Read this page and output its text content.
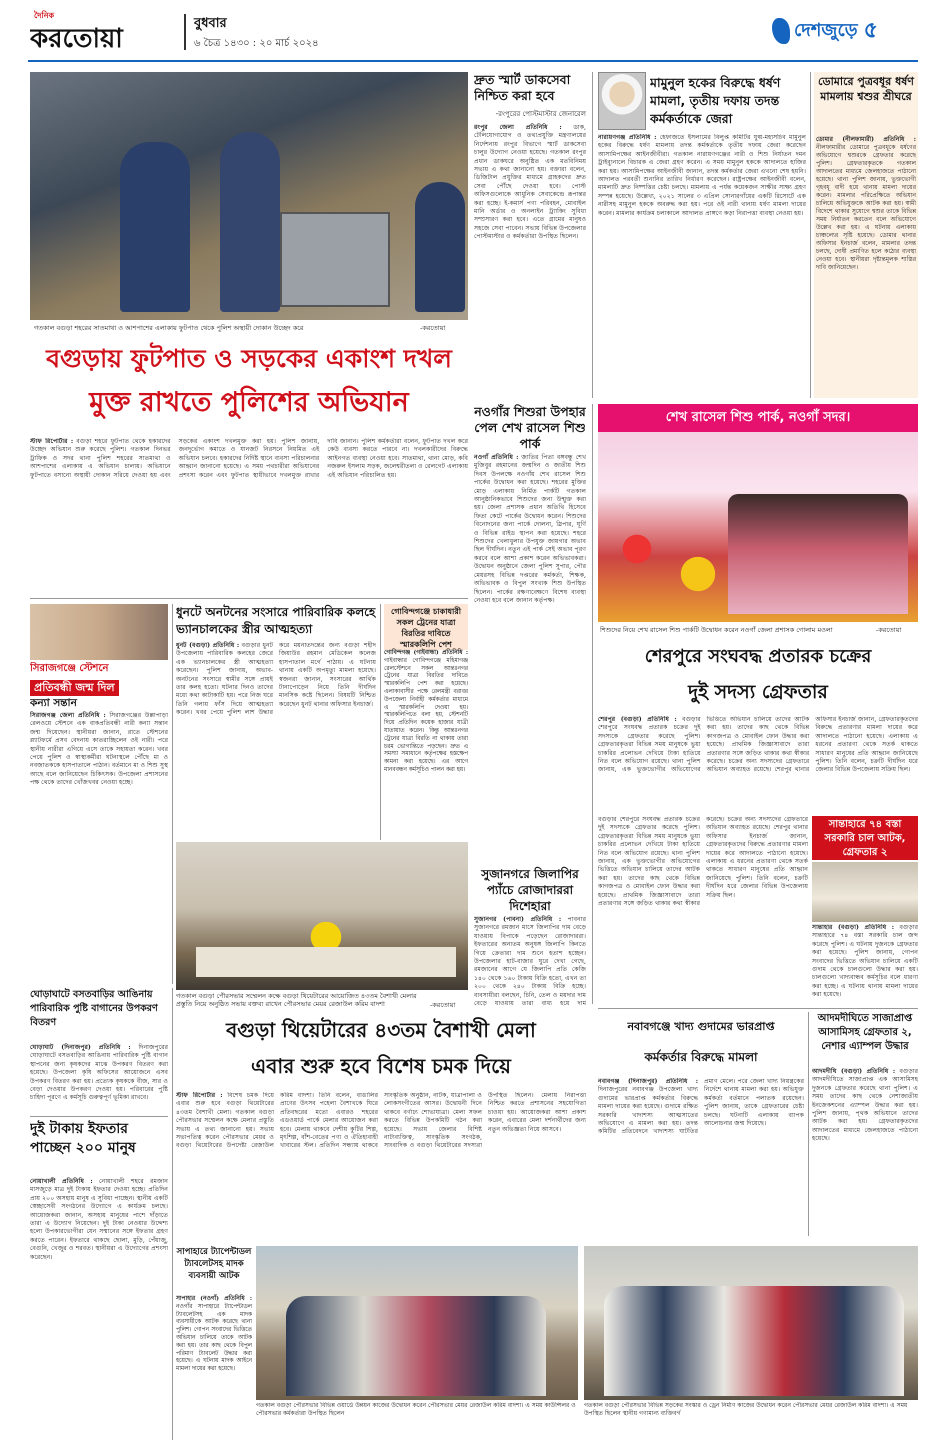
দৈনিক
করতোয়া
বুধবার
৬ চৈত্র ১৪৩০ : ২০ মার্চ ২০২৪
দেশজুড়ে ৫
গতকাল বগুড়া শহরের সাতমাথা ও আশপাশের এলাকায় ফুটপাত থেকে পুলিশ অস্থায়ী দোকান উচ্ছেদ করে	-করতোয়া
বগুড়ায় ফুটপাত ও সড়কের একাংশ দখল
মুক্ত রাখতে পুলিশের অভিযান
স্টাফ রিপোর্টার : বগুড়া শহরে ফুটপাত থেকে হকারদের উচ্ছেদ অভিযান শুরু করেছে পুলিশ। গতকাল দিনভর ট্রাফিক ও সদর থানা পুলিশ শহরের সাতমাথা ও আশপাশের এলাকায় এ অভিযান চালায়। অভিযানে ফুটপাতে বসানো অস্থায়ী দোকান সরিয়ে দেওয়া হয় এবং সড়কের একাংশ দখলমুক্ত করা হয়। পুলিশ জানায়, জনদুর্ভোগ কমাতে ও যানজট নিরসনে নিয়মিত এই অভিযান চলবে। হকারদের নির্দিষ্ট স্থানে ব্যবসা পরিচালনার আহ্বান জানানো হয়েছে। এ সময় পথচারীরা অভিযানের প্রশংসা করেন এবং ফুটপাত স্থায়ীভাবে দখলমুক্ত রাখার দাবি জানান। পুলিশ কর্মকর্তারা বলেন, ফুটপাত দখল করে কেউ ব্যবসা করতে পারবে না। দখলকারীদের বিরুদ্ধে আইনগত ব্যবস্থা নেওয়া হবে। সাতমাথা, থানা মোড়, কবি নজরুল ইসলাম সড়ক, জলেশ্বরীতলা ও রেলগেট এলাকায় এই অভিযান পরিচালিত হয়।
দ্রুত স্মার্ট ডাকসেবা নিশ্চিত করা হবে
-রংপুরের পোস্টমাস্টার জেনারেল
রংপুর জেলা প্রতিনিধি : ডাক, টেলিযোগাযোগ ও তথ্যপ্রযুক্তি মন্ত্রণালয়ের নির্দেশনায় রংপুর বিভাগে স্মার্ট ডাকসেবা চালুর উদ্যোগ নেওয়া হয়েছে। গতকাল রংপুর প্রধান ডাকঘরে অনুষ্ঠিত এক মতবিনিময় সভায় এ কথা জানানো হয়। বক্তারা বলেন, ডিজিটাল প্রযুক্তির মাধ্যমে গ্রাহকদের দ্রুত সেবা পৌঁছে দেওয়া হবে। পোস্ট অফিসগুলোকে আধুনিক সেবাকেন্দ্রে রূপান্তর করা হচ্ছে। ই-কমার্স পণ্য পরিবহন, মোবাইল মানি অর্ডার ও অনলাইন ট্র্যাকিং সুবিধা সম্প্রসারণ করা হবে। এতে গ্রামের মানুষও সহজে সেবা পাবেন। সভায় বিভিন্ন উপজেলার পোস্টমাস্টার ও কর্মকর্তারা উপস্থিত ছিলেন।
মামুনুল হকের বিরুদ্ধে ধর্ষণ মামলা, তৃতীয় দফায় তদন্ত কর্মকর্তাকে জেরা
নারায়ণগঞ্জ প্রতিনিধি : হেফাজতে ইসলামের বিলুপ্ত কমিটির যুগ্ম-মহাসচিব মামুনুল হকের বিরুদ্ধে ধর্ষণ মামলায় তদন্ত কর্মকর্তাকে তৃতীয় দফায় জেরা করেছেন আসামিপক্ষের আইনজীবীরা। গতকাল নারায়ণগঞ্জের নারী ও শিশু নির্যাতন দমন ট্রাইব্যুনালে বিচারক এ জেরা গ্রহণ করেন। এ সময় মামুনুল হককে আদালতে হাজির করা হয়। আসামিপক্ষের আইনজীবী জানান, তদন্ত কর্মকর্তার জেরা এখনো শেষ হয়নি। আদালত পরবর্তী শুনানির তারিখ নির্ধারণ করেছেন। রাষ্ট্রপক্ষের আইনজীবী বলেন, মামলাটি দ্রুত নিষ্পত্তির চেষ্টা চলছে। মামলায় এ পর্যন্ত কয়েকজন সাক্ষীর সাক্ষ্য গ্রহণ সম্পন্ন হয়েছে। উল্লেখ্য, ২০২১ সালের ৩ এপ্রিল সোনারগাঁয়ের একটি রিসোর্টে এক নারীসহ মামুনুল হককে অবরুদ্ধ করা হয়। পরে ওই নারী থানায় ধর্ষণ মামলা দায়ের করেন। মামলার কার্যক্রম চলাকালে আদালত প্রাঙ্গণে কড়া নিরাপত্তা ব্যবস্থা নেওয়া হয়।
ডোমারে পুত্রবধূর ধর্ষণ মামলায় শ্বশুর শ্রীঘরে
ডোমার (নীলফামারী) প্রতিনিধি : নীলফামারীর ডোমারে পুত্রবধূকে ধর্ষণের অভিযোগে শ্বশুরকে গ্রেফতার করেছে পুলিশ। গ্রেফতারকৃতকে গতকাল আদালতের মাধ্যমে জেলহাজতে পাঠানো হয়েছে। থানা পুলিশ জানায়, ভুক্তভোগী গৃহবধূ বাদী হয়ে থানায় মামলা দায়ের করেন। মামলার পরিপ্রেক্ষিতে অভিযান চালিয়ে অভিযুক্তকে আটক করা হয়। স্বামী বিদেশে থাকার সুযোগে শ্বশুর তাকে বিভিন্ন সময় নির্যাতন করতেন বলে অভিযোগে উল্লেখ করা হয়। এ ঘটনায় এলাকায় চাঞ্চল্যের সৃষ্টি হয়েছে। ডোমার থানার অফিসার ইনচার্জ বলেন, মামলার তদন্ত চলছে, দোষী প্রমাণিত হলে কঠোর ব্যবস্থা নেওয়া হবে। স্থানীয়রা দৃষ্টান্তমূলক শাস্তির দাবি জানিয়েছেন।
নওগাঁর শিশুরা উপহার পেল শেখ রাসেল শিশু পার্ক
নওগাঁ প্রতিনিধি : জাতির পিতা বঙ্গবন্ধু শেখ মুজিবুর রহমানের জন্মদিন ও জাতীয় শিশু দিবস উপলক্ষে নওগাঁয় শেখ রাসেল শিশু পার্কের উদ্বোধন করা হয়েছে। শহরের মুক্তির মোড় এলাকায় নির্মিত পার্কটি গতকাল আনুষ্ঠানিকভাবে শিশুদের জন্য উন্মুক্ত করা হয়। জেলা প্রশাসক প্রধান অতিথি হিসেবে ফিতা কেটে পার্কের উদ্বোধন করেন। শিশুদের বিনোদনের জন্য পার্কে দোলনা, স্লিপার, ঘূর্ণি ও বিভিন্ন রাইড স্থাপন করা হয়েছে। শহরে শিশুদের খেলাধুলার উপযুক্ত জায়গার অভাব ছিল দীর্ঘদিন। নতুন এই পার্ক সেই অভাব পূরণ করবে বলে আশা প্রকাশ করেন অভিভাবকরা। উদ্বোধন অনুষ্ঠানে জেলা পুলিশ সুপার, পৌর মেয়রসহ বিভিন্ন দপ্তরের কর্মকর্তা, শিক্ষক, অভিভাবক ও বিপুল সংখ্যক শিশু উপস্থিত ছিলেন। পার্কের রক্ষণাবেক্ষণে বিশেষ ব্যবস্থা নেওয়া হবে বলে জানান কর্তৃপক্ষ।
শেখ রাসেল শিশু পার্ক, নওগাঁ সদর।
শিশুদের নিয়ে শেখ রাসেল শিশু পার্কটি উদ্বোধন করেন নওগাঁ জেলা প্রশাসক গোলাম মওলা	-করতোয়া
সিরাজগঞ্জে স্টেশনে
প্রতিবন্ধী জন্ম দিল
কন্যা সন্তান
সিরাজগঞ্জ জেলা প্রতিনিধি : সিরাজগঞ্জের উল্লাপাড়া রেলওয়ে স্টেশনে এক বাকপ্রতিবন্ধী নারী কন্যা সন্তান জন্ম দিয়েছেন। স্থানীয়রা জানান, রাতে স্টেশনের প্ল্যাটফর্মে প্রসব বেদনায় কাতরাচ্ছিলেন ওই নারী। পরে স্থানীয় নারীরা এগিয়ে এসে তাকে সহায়তা করেন। খবর পেয়ে পুলিশ ও স্বাস্থ্যকর্মীরা ঘটনাস্থলে পৌঁছে মা ও নবজাতককে হাসপাতালে পাঠান। বর্তমানে মা ও শিশু সুস্থ আছে বলে জানিয়েছেন চিকিৎসক। উপজেলা প্রশাসনের পক্ষ থেকে তাদের খোঁজখবর নেওয়া হচ্ছে।
ধুনটে অনটনের সংসারে পারিবারিক কলহে ভ্যানচালকের স্ত্রীর আত্মহত্যা
ধুনট (বগুড়া) প্রতিনিধি : বগুড়ার ধুনট উপজেলায় পারিবারিক কলহের জেরে এক ভ্যানচালকের স্ত্রী আত্মহত্যা করেছেন। পুলিশ জানায়, অভাব-অনটনের সংসারে স্বামীর সঙ্গে প্রায়ই তার কলহ হতো। ঘটনার দিনও তাদের মধ্যে কথা কাটাকাটি হয়। পরে নিজ ঘরে তিনি গলায় ফাঁস দিয়ে আত্মহত্যা করেন। খবর পেয়ে পুলিশ লাশ উদ্ধার করে ময়নাতদন্তের জন্য বগুড়া শহীদ জিয়াউর রহমান মেডিকেল কলেজ হাসপাতাল মর্গে পাঠায়। এ ঘটনায় থানায় একটি অপমৃত্যু মামলা হয়েছে। স্বজনরা জানান, সংসারের আর্থিক টানাপোড়েন নিয়ে তিনি দীর্ঘদিন মানসিক কষ্টে ছিলেন। বিষয়টি নিশ্চিত করেছেন ধুনট থানার অফিসার ইনচার্জ।
গোবিন্দগঞ্জে চাকাধারী সকল ট্রেনের যাত্রা বিরতির দাবিতে স্মারকলিপি পেশ
গোবিন্দগঞ্জ (গাইবান্ধা) প্রতিনিধি : গাইবান্ধার গোবিন্দগঞ্জে মহিমাগঞ্জ রেলস্টেশনে সকল আন্তঃনগর ট্রেনের যাত্রা বিরতির দাবিতে স্মারকলিপি পেশ করা হয়েছে। এলাকাবাসীর পক্ষে রেলমন্ত্রী বরাবর উপজেলা নির্বাহী কর্মকর্তার মাধ্যমে এ স্মারকলিপি দেওয়া হয়। স্মারকলিপিতে বলা হয়, স্টেশনটি দিয়ে প্রতিদিন কয়েক হাজার যাত্রী যাতায়াত করেন। কিন্তু আন্তঃনগর ট্রেনের যাত্রা বিরতি না থাকায় তারা চরম ভোগান্তিতে পড়ছেন। দ্রুত এ সমস্যা সমাধানে কর্তৃপক্ষের হস্তক্ষেপ কামনা করা হয়েছে। এর আগে মানববন্ধন কর্মসূচিও পালন করা হয়।
গতকাল বগুড়া পৌরসভার সম্মেলন কক্ষে বগুড়া থিয়েটারের আয়োজিত ৪৩তম বৈশাখী মেলার প্রস্তুতি নিয়ে অনুষ্ঠিত সভায় বক্তব্য রাখেন পৌরসভার মেয়র রেজাউল করিম বাদশা	-করতোয়া
বগুড়া থিয়েটারের ৪৩তম বৈশাখী মেলা
এবার শুরু হবে বিশেষ চমক দিয়ে
স্টাফ রিপোর্টার : বিশেষ চমক দিয়ে এবার শুরু হবে বগুড়া থিয়েটারের ৪৩তম বৈশাখী মেলা। গতকাল বগুড়া পৌরসভার সম্মেলন কক্ষে মেলার প্রস্তুতি সভায় এ তথ্য জানানো হয়। সভায় সভাপতিত্ব করেন পৌরসভার মেয়র ও বগুড়া থিয়েটারের উপদেষ্টা রেজাউল করিম বাদশা। তিনি বলেন, বাঙালির প্রাণের উৎসব পহেলা বৈশাখকে ঘিরে প্রতিবছরের মতো এবারও শহরের এডওয়ার্ড পার্কে মেলার আয়োজন করা হবে। মেলায় থাকবে দেশীয় কুটির শিল্প, মৃৎশিল্প, বাঁশ-বেতের পণ্য ও ঐতিহ্যবাহী খাবারের স্টল। প্রতিদিন সন্ধ্যায় থাকবে সাংস্কৃতিক অনুষ্ঠান, নাটক, যাত্রাপালা ও লোকসংগীতের আসর। উদ্বোধনী দিনে থাকবে বর্ণাঢ্য শোভাযাত্রা। মেলা সফল করতে বিভিন্ন উপকমিটি গঠন করা হয়েছে। সভায় জেলার বিশিষ্ট নাট্যব্যক্তিত্ব, সাংস্কৃতিক সংগঠক, সাংবাদিক ও বগুড়া থিয়েটারের সদস্যরা উপস্থিত ছিলেন। মেলায় নিরাপত্তা নিশ্চিত করতে প্রশাসনের সহযোগিতা চাওয়া হয়। আয়োজকরা আশা প্রকাশ করেন, এবারের মেলা দর্শনার্থীদের জন্য নতুন অভিজ্ঞতা নিয়ে আসবে।
সুজানগরে জিলাপির প্যাঁচে রোজাদাররা দিশেহারা
সুজানগর (পাবনা) প্রতিনিধি : পাবনার সুজানগরে রমজান মাসে জিলাপির দাম বেড়ে যাওয়ায় বিপাকে পড়েছেন রোজাদাররা। ইফতারের অন্যতম অনুষঙ্গ জিলাপি কিনতে গিয়ে ক্রেতারা দাম শুনে হতাশ হচ্ছেন। উপজেলার হাট-বাজার ঘুরে দেখা গেছে, রমজানের আগে যে জিলাপি প্রতি কেজি ১৪০ থেকে ১৬০ টাকায় বিক্রি হতো, এখন তা ২০০ থেকে ২৪০ টাকায় বিক্রি হচ্ছে। ব্যবসায়ীরা বলছেন, চিনি, তেল ও ময়দার দাম বেড়ে যাওয়ায় তারা বাধ্য হয়ে দাম
শেরপুরে সংঘবদ্ধ প্রতারক চক্রের
দুই সদস্য গ্রেফতার
শেরপুর (বগুড়া) প্রতিনিধি : বগুড়ার শেরপুরে সংঘবদ্ধ প্রতারক চক্রের দুই সদস্যকে গ্রেফতার করেছে পুলিশ। গ্রেফতারকৃতরা বিভিন্ন সময় মানুষকে ভুয়া চাকরির প্রলোভন দেখিয়ে টাকা হাতিয়ে নিত বলে অভিযোগ রয়েছে। থানা পুলিশ জানায়, এক ভুক্তভোগীর অভিযোগের ভিত্তিতে অভিযান চালিয়ে তাদের আটক করা হয়। তাদের কাছ থেকে বিভিন্ন কাগজপত্র ও মোবাইল ফোন উদ্ধার করা হয়েছে। প্রাথমিক জিজ্ঞাসাবাদে তারা প্রতারণার সঙ্গে জড়িত থাকার কথা স্বীকার করেছে। চক্রের অন্য সদস্যদের গ্রেফতারে অভিযান অব্যাহত রয়েছে। শেরপুর থানার অফিসার ইনচার্জ জানান, গ্রেফতারকৃতদের বিরুদ্ধে প্রতারণার মামলা দায়ের করে আদালতে পাঠানো হয়েছে। এলাকায় এ ধরনের প্রতারণা থেকে সতর্ক থাকতে সাধারণ মানুষের প্রতি আহ্বান জানিয়েছে পুলিশ। তিনি বলেন, চক্রটি দীর্ঘদিন ধরে জেলার বিভিন্ন উপজেলায় সক্রিয় ছিল।
সান্তাহারে ৭৪ বস্তা সরকারি চাল আটক, গ্রেফতার ২
সান্তাহার (বগুড়া) প্রতিনিধি : বগুড়ার সান্তাহারে ৭৪ বস্তা সরকারি চাল জব্দ করেছে পুলিশ। এ ঘটনায় দুজনকে গ্রেফতার করা হয়েছে। পুলিশ জানায়, গোপন সংবাদের ভিত্তিতে অভিযান চালিয়ে একটি গুদাম থেকে চালগুলো উদ্ধার করা হয়। চালগুলো খাদ্যবান্ধব কর্মসূচির বলে ধারণা করা হচ্ছে। এ ঘটনায় থানায় মামলা দায়ের করা হয়েছে।
বগুড়ার শেরপুরে সংঘবদ্ধ প্রতারক চক্রের দুই সদস্যকে গ্রেফতার করেছে পুলিশ। গ্রেফতারকৃতরা বিভিন্ন সময় মানুষকে ভুয়া চাকরির প্রলোভন দেখিয়ে টাকা হাতিয়ে নিত বলে অভিযোগ রয়েছে। থানা পুলিশ জানায়, এক ভুক্তভোগীর অভিযোগের ভিত্তিতে অভিযান চালিয়ে তাদের আটক করা হয়। তাদের কাছ থেকে বিভিন্ন কাগজপত্র ও মোবাইল ফোন উদ্ধার করা হয়েছে। প্রাথমিক জিজ্ঞাসাবাদে তারা প্রতারণার সঙ্গে জড়িত থাকার কথা স্বীকার করেছে। চক্রের অন্য সদস্যদের গ্রেফতারে অভিযান অব্যাহত রয়েছে। শেরপুর থানার অফিসার ইনচার্জ জানান, গ্রেফতারকৃতদের বিরুদ্ধে প্রতারণার মামলা দায়ের করে আদালতে পাঠানো হয়েছে। এলাকায় এ ধরনের প্রতারণা থেকে সতর্ক থাকতে সাধারণ মানুষের প্রতি আহ্বান জানিয়েছে পুলিশ। তিনি বলেন, চক্রটি দীর্ঘদিন ধরে জেলার বিভিন্ন উপজেলায় সক্রিয় ছিল।
নবাবগঞ্জে খাদ্য গুদামের ভারপ্রাপ্ত
কর্মকর্তার বিরুদ্ধে মামলা
নবাবগঞ্জ (দিনাজপুর) প্রতিনিধি : দিনাজপুরের নবাবগঞ্জ উপজেলা খাদ্য গুদামের ভারপ্রাপ্ত কর্মকর্তার বিরুদ্ধে মামলা দায়ের করা হয়েছে। গুদামে রক্ষিত সরকারি খাদ্যশস্য আত্মসাতের অভিযোগে এ মামলা করা হয়। তদন্ত কমিটির প্রতিবেদনে খাদ্যশস্য ঘাটতির প্রমাণ মেলে। পরে জেলা খাদ্য নিয়ন্ত্রকের নির্দেশে থানায় মামলা করা হয়। অভিযুক্ত কর্মকর্তা বর্তমানে পলাতক রয়েছেন। পুলিশ জানায়, তাকে গ্রেফতারের চেষ্টা চলছে। ঘটনাটি এলাকায় ব্যাপক আলোচনার জন্ম দিয়েছে।
আদমদীঘিতে সাজাপ্রাপ্ত আসামিসহ গ্রেফতার ২, নেশার এ্যাম্পল উদ্ধার
আদমদীঘি (বগুড়া) প্রতিনিধি : বগুড়ার আদমদীঘিতে সাজাপ্রাপ্ত এক আসামিসহ দুজনকে গ্রেফতার করেছে থানা পুলিশ। এ সময় তাদের কাছ থেকে নেশাজাতীয় ইনজেকশনের এ্যাম্পল উদ্ধার করা হয়। পুলিশ জানায়, পৃথক অভিযানে তাদের আটক করা হয়। গ্রেফতারকৃতদের আদালতের মাধ্যমে জেলহাজতে পাঠানো হয়েছে।
ঘোড়াঘাটে বসতবাড়ির আঙিনায় পারিবারিক পুষ্টি বাগানের উপকরণ বিতরণ
ঘোড়াঘাট (দিনাজপুর) প্রতিনিধি : দিনাজপুরের ঘোড়াঘাটে বসতবাড়ির আঙিনায় পারিবারিক পুষ্টি বাগান স্থাপনের জন্য কৃষকদের মাঝে উপকরণ বিতরণ করা হয়েছে। উপজেলা কৃষি অফিসের আয়োজনে এসব উপকরণ বিতরণ করা হয়। প্রত্যেক কৃষককে বীজ, সার ও বেড়া দেওয়ার উপকরণ দেওয়া হয়। পরিবারের পুষ্টি চাহিদা পূরণে এ কর্মসূচি গুরুত্বপূর্ণ ভূমিকা রাখবে।
দুই টাকায় ইফতার পাচ্ছেন ২০০ মানুষ
নোয়াখালী প্রতিনিধি : নোয়াখালী শহরে রমজান মাসজুড়ে মাত্র দুই টাকায় ইফতার দেওয়া হচ্ছে। প্রতিদিন প্রায় ২০০ অসহায় মানুষ এ সুবিধা পাচ্ছেন। স্থানীয় একটি স্বেচ্ছাসেবী সংগঠনের উদ্যোগে এ কার্যক্রম চলছে। আয়োজকরা জানান, অসহায় মানুষের পাশে দাঁড়াতে তারা এ উদ্যোগ নিয়েছেন। দুই টাকা নেওয়ার উদ্দেশ্য হলো উপকারভোগীরা যেন সম্মানের সঙ্গে ইফতার গ্রহণ করতে পারেন। ইফতারে থাকছে ছোলা, মুড়ি, পেঁয়াজু, বেগুনি, খেজুর ও শরবত। স্থানীয়রা এ উদ্যোগের প্রশংসা করেছেন।
সাপাহারে ট্যাপেন্টাডল ট্যাবলেটসহ মাদক ব্যবসায়ী আটক
সাপাহার (নওগাঁ) প্রতিনিধি : নওগাঁর সাপাহারে ট্যাপেন্টাডল ট্যাবলেটসহ এক মাদক ব্যবসায়ীকে আটক করেছে থানা পুলিশ। গোপন সংবাদের ভিত্তিতে অভিযান চালিয়ে তাকে আটক করা হয়। তার কাছ থেকে বিপুল পরিমাণ ট্যাবলেট উদ্ধার করা হয়েছে। এ ঘটনায় মাদক আইনে মামলা দায়ের করা হয়েছে।
গতকাল বগুড়া পৌরসভার বিভিন্ন ওয়ার্ডে উন্নয়ন কাজের উদ্বোধন করেন পৌরসভার মেয়র রেজাউল করিম বাদশা। এ সময় কাউন্সিলর ও পৌরসভার কর্মকর্তারা উপস্থিত ছিলেন
গতকাল বগুড়া পৌরসভার বিভিন্ন সড়কের সংস্কার ও ড্রেন নির্মাণ কাজের উদ্বোধন করেন পৌরসভার মেয়র রেজাউল করিম বাদশা। এ সময় উপস্থিত ছিলেন স্থানীয় গণ্যমান্য ব্যক্তিবর্গ
